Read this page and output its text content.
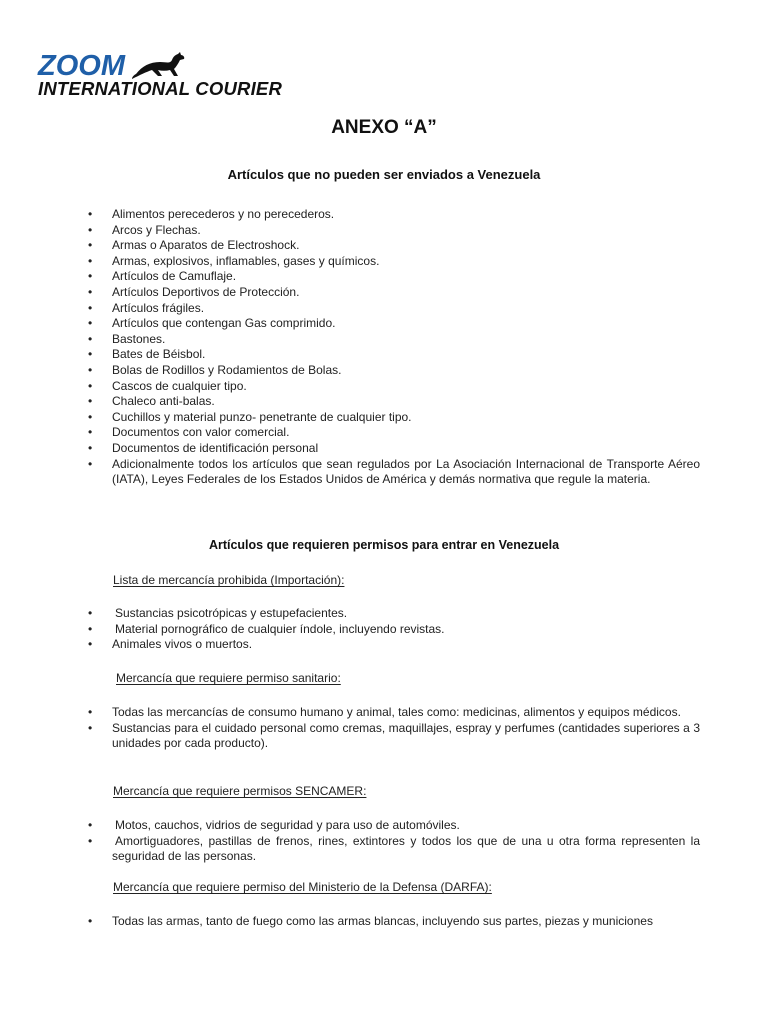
ZOOM
INTERNATIONAL COURIER
ANEXO “A”
Artículos que no pueden ser enviados a Venezuela
• Alimentos perecederos y no perecederos.
• Arcos y Flechas.
• Armas o Aparatos de Electroshock.
• Armas, explosivos, inflamables, gases y químicos.
• Artículos de Camuflaje.
• Artículos Deportivos de Protección.
• Artículos frágiles.
• Artículos que contengan Gas comprimido.
• Bastones.
• Bates de Béisbol.
• Bolas de Rodillos y Rodamientos de Bolas.
• Cascos de cualquier tipo.
• Chaleco anti-balas.
• Cuchillos y material punzo- penetrante de cualquier tipo.
• Documentos con valor comercial.
• Documentos de identificación personal
• Adicionalmente todos los artículos que sean regulados por La Asociación Internacional de Transporte Aéreo (IATA), Leyes Federales de los Estados Unidos de América y demás normativa que regule la materia.
Artículos que requieren permisos para entrar en Venezuela
Lista de mercancía prohibida (Importación):
• Sustancias psicotrópicas y estupefacientes.
• Material pornográfico de cualquier índole, incluyendo revistas.
• Animales vivos o muertos.
Mercancía que requiere permiso sanitario:
• Todas las mercancías de consumo humano y animal, tales como: medicinas, alimentos y equipos médicos.
• Sustancias para el cuidado personal como cremas, maquillajes, espray y perfumes (cantidades superiores a 3 unidades por cada producto).
Mercancía que requiere permisos SENCAMER:
• Motos, cauchos, vidrios de seguridad y para uso de automóviles.
• Amortiguadores, pastillas de frenos, rines, extintores y todos los que de una u otra forma representen la seguridad de las personas.
Mercancía que requiere permiso del Ministerio de la Defensa (DARFA):
• Todas las armas, tanto de fuego como las armas blancas, incluyendo sus partes, piezas y municiones
